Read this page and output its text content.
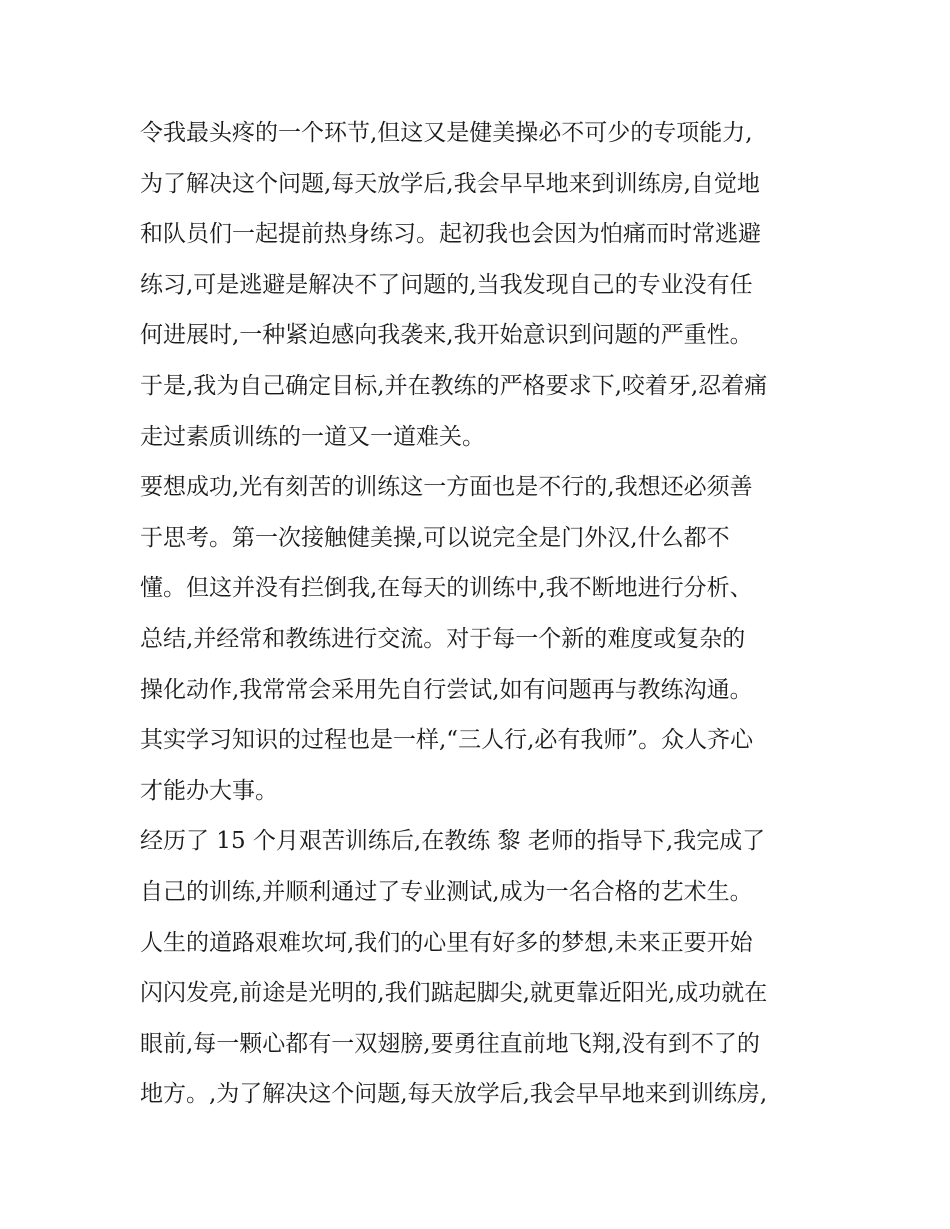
令我最头疼的一个环节,但这又是健美操必不可少的专项能力,
为了解决这个问题,每天放学后,我会早早地来到训练房,自觉地
和队员们一起提前热身练习。起初我也会因为怕痛而时常逃避
练习,可是逃避是解决不了问题的,当我发现自己的专业没有任
何进展时,一种紧迫感向我袭来,我开始意识到问题的严重性。
于是,我为自己确定目标,并在教练的严格要求下,咬着牙,忍着痛
走过素质训练的一道又一道难关。
要想成功,光有刻苦的训练这一方面也是不行的,我想还必须善
于思考。第一次接触健美操,可以说完全是门外汉,什么都不
懂。但这并没有拦倒我,在每天的训练中,我不断地进行分析、
总结,并经常和教练进行交流。对于每一个新的难度或复杂的
操化动作,我常常会采用先自行尝试,如有问题再与教练沟通。
其实学习知识的过程也是一样,“三人行,必有我师”。众人齐心
才能办大事。
经历了 15 个月艰苦训练后,在教练 黎 老师的指导下,我完成了
自己的训练,并顺利通过了专业测试,成为一名合格的艺术生。
人生的道路艰难坎坷,我们的心里有好多的梦想,未来正要开始
闪闪发亮,前途是光明的,我们踮起脚尖,就更靠近阳光,成功就在
眼前,每一颗心都有一双翅膀,要勇往直前地飞翔,没有到不了的
地方。,为了解决这个问题,每天放学后,我会早早地来到训练房,
